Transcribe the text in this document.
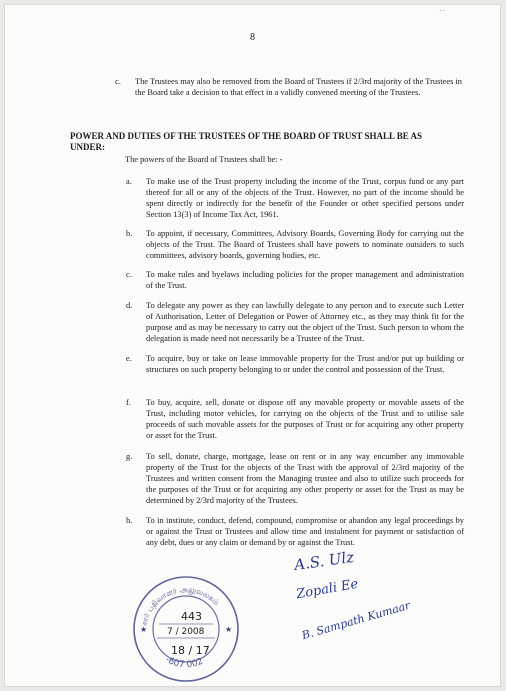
- -
8
c. The Trustees may also be removed from the Board of Trustees if 2/3rd majority of the Trustees in the Board take a decision to that effect in a validly convened meeting of the Trustees.
POWER AND DUTIES OF THE TRUSTEES OF THE BOARD OF TRUST SHALL BE AS UNDER:
The powers of the Board of Trustees shall be: -
a. To make use of the Trust property including the income of the Trust, corpus fund or any part thereof for all or any of the objects of the Trust. However, no part of the income should be spent directly or indirectly for the benefit of the Founder or other specified persons under Section 13(3) of Income Tax Act, 1961.
b. To appoint, if necessary, Committees, Advisory Boards, Governing Body for carrying out the objects of the Trust. The Board of Trustees shall have powers to nominate outsiders to such committees, advisory boards, governing bodies, etc.
c. To make rules and byelaws including policies for the proper management and administration of the Trust.
d. To delegate any power as they can lawfully delegate to any person and to execute such Letter of Authorisation, Letter of Delegation or Power of Attorney etc., as they may think fit for the purpose and as may be necessary to carry out the object of the Trust. Such person to whom the delegation is made need not necessarily be a Trustee of the Trust.
e. To acquire, buy or take on lease immovable property for the Trust and/or put up building or structures on such property belonging to or under the control and possession of the Trust.
f. To buy, acquire, sell, donate or dispose off any movable property or movable assets of the Trust, including motor vehicles, for carrying on the objects of the Trust and to utilise sale proceeds of such movable assets for the purposes of Trust or for acquiring any other property or asset for the Trust.
g. To sell, donate, charge, mortgage, lease on rent or in any way encumber any immovable property of the Trust for the objects of the Trust with the approval of 2/3rd majority of the Trustees and written consent from the Managing trustee and also to utilize such proceeds for the purposes of the Trust or for acquiring any other property or asset for the Trust as may be determined by 2/3rd majority of the Trustees.
h. To in institute, conduct, defend, compound, compromise or abandon any legal proceedings by or against the Trust or Trustees and allow time and instalment for payment or satisfaction of any debt, dues or any claim or demand by or against the Trust.
A.S. Ulz
Zopali Ee
B. Sampath Kumaar
சார் பதிவாளர் அலுவலகம்
-607 002
★	★
443
7 / 2008
18 / 17
